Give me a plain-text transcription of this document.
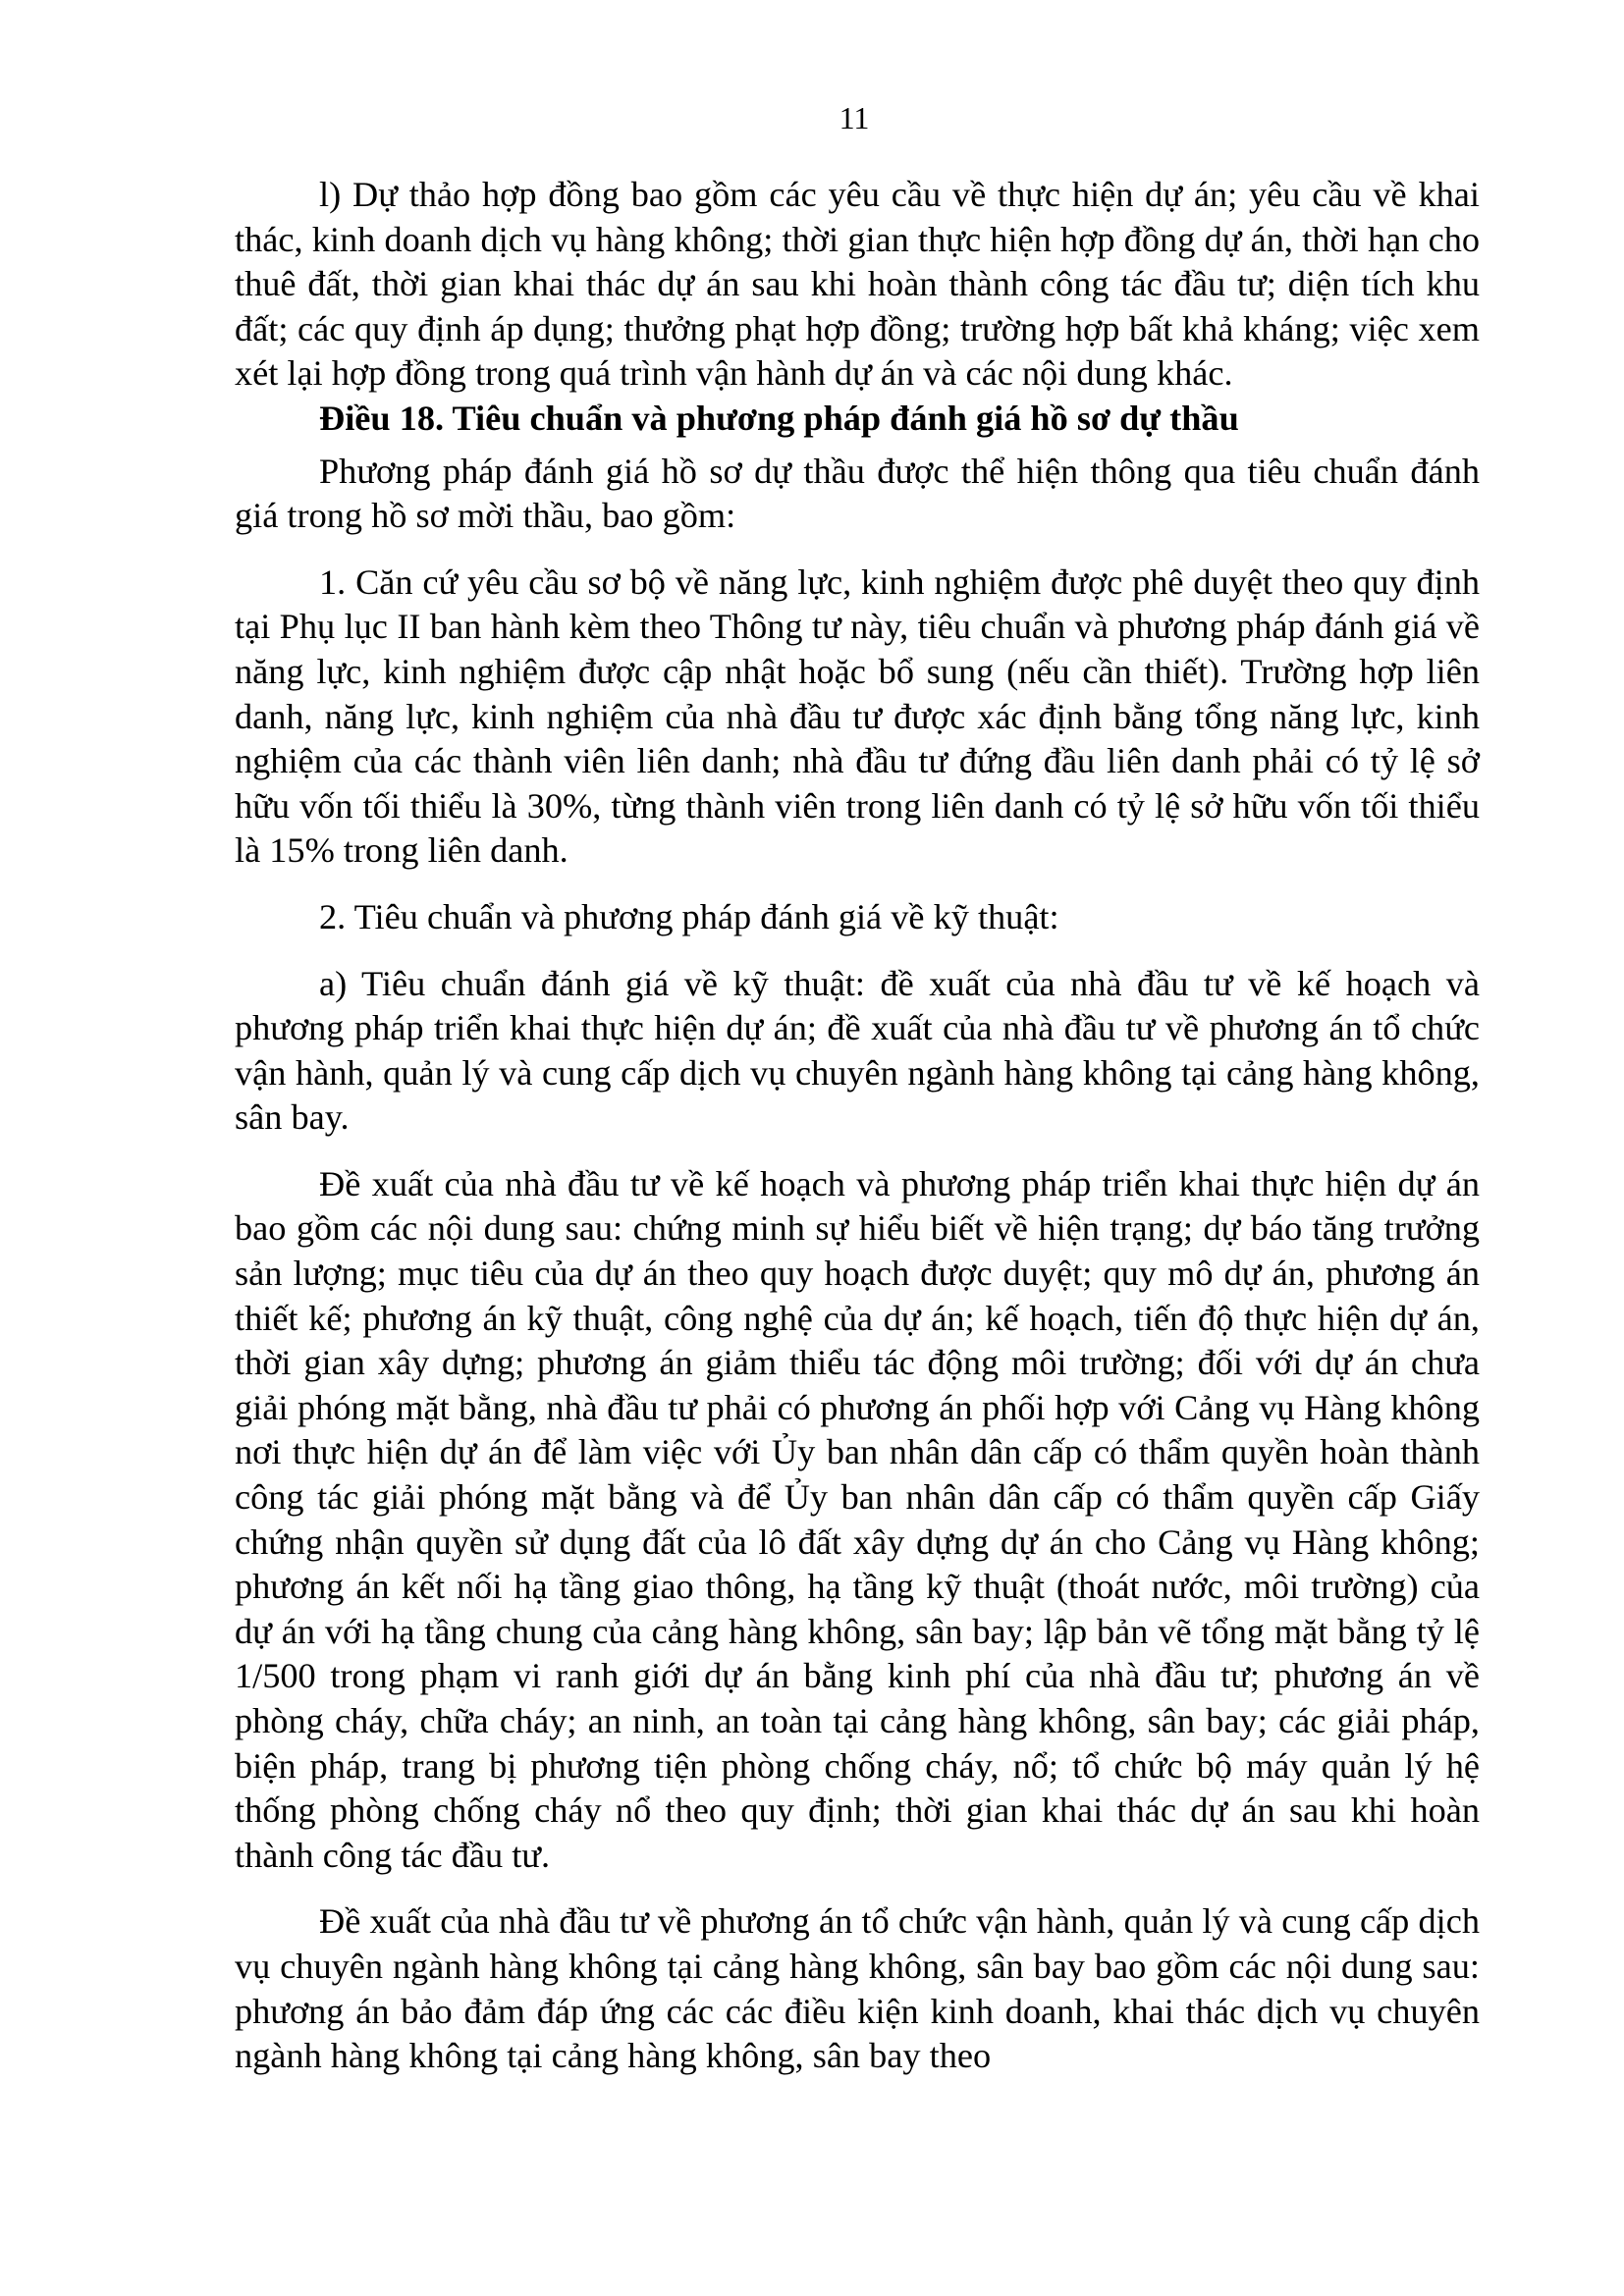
11

l) Dự thảo hợp đồng bao gồm các yêu cầu về thực hiện dự án; yêu cầu về khai thác, kinh doanh dịch vụ hàng không; thời gian thực hiện hợp đồng dự án, thời hạn cho thuê đất, thời gian khai thác dự án sau khi hoàn thành công tác đầu tư; diện tích khu đất; các quy định áp dụng; thưởng phạt hợp đồng; trường hợp bất khả kháng; việc xem xét lại hợp đồng trong quá trình vận hành dự án và các nội dung khác.

Điều 18. Tiêu chuẩn và phương pháp đánh giá hồ sơ dự thầu

Phương pháp đánh giá hồ sơ dự thầu được thể hiện thông qua tiêu chuẩn đánh giá trong hồ sơ mời thầu, bao gồm:

1. Căn cứ yêu cầu sơ bộ về năng lực, kinh nghiệm được phê duyệt theo quy định tại Phụ lục II ban hành kèm theo Thông tư này, tiêu chuẩn và phương pháp đánh giá về năng lực, kinh nghiệm được cập nhật hoặc bổ sung (nếu cần thiết). Trường hợp liên danh, năng lực, kinh nghiệm của nhà đầu tư được xác định bằng tổng năng lực, kinh nghiệm của các thành viên liên danh; nhà đầu tư đứng đầu liên danh phải có tỷ lệ sở hữu vốn tối thiểu là 30%, từng thành viên trong liên danh có tỷ lệ sở hữu vốn tối thiểu là 15% trong liên danh.

2. Tiêu chuẩn và phương pháp đánh giá về kỹ thuật:

a) Tiêu chuẩn đánh giá về kỹ thuật: đề xuất của nhà đầu tư về kế hoạch và phương pháp triển khai thực hiện dự án; đề xuất của nhà đầu tư về phương án tổ chức vận hành, quản lý và cung cấp dịch vụ chuyên ngành hàng không tại cảng hàng không, sân bay.

Đề xuất của nhà đầu tư về kế hoạch và phương pháp triển khai thực hiện dự án bao gồm các nội dung sau: chứng minh sự hiểu biết về hiện trạng; dự báo tăng trưởng sản lượng; mục tiêu của dự án theo quy hoạch được duyệt; quy mô dự án, phương án thiết kế; phương án kỹ thuật, công nghệ của dự án; kế hoạch, tiến độ thực hiện dự án, thời gian xây dựng; phương án giảm thiểu tác động môi trường; đối với dự án chưa giải phóng mặt bằng, nhà đầu tư phải có phương án phối hợp với Cảng vụ Hàng không nơi thực hiện dự án để làm việc với Ủy ban nhân dân cấp có thẩm quyền hoàn thành công tác giải phóng mặt bằng và để Ủy ban nhân dân cấp có thẩm quyền cấp Giấy chứng nhận quyền sử dụng đất của lô đất xây dựng dự án cho Cảng vụ Hàng không; phương án kết nối hạ tầng giao thông, hạ tầng kỹ thuật (thoát nước, môi trường) của dự án với hạ tầng chung của cảng hàng không, sân bay; lập bản vẽ tổng mặt bằng tỷ lệ 1/500 trong phạm vi ranh giới dự án bằng kinh phí của nhà đầu tư; phương án về phòng cháy, chữa cháy; an ninh, an toàn tại cảng hàng không, sân bay; các giải pháp, biện pháp, trang bị phương tiện phòng chống cháy, nổ; tổ chức bộ máy quản lý hệ thống phòng chống cháy nổ theo quy định; thời gian khai thác dự án sau khi hoàn thành công tác đầu tư.

Đề xuất của nhà đầu tư về phương án tổ chức vận hành, quản lý và cung cấp dịch vụ chuyên ngành hàng không tại cảng hàng không, sân bay bao gồm các nội dung sau: phương án bảo đảm đáp ứng các các điều kiện kinh doanh, khai thác dịch vụ chuyên ngành hàng không tại cảng hàng không, sân bay theo
